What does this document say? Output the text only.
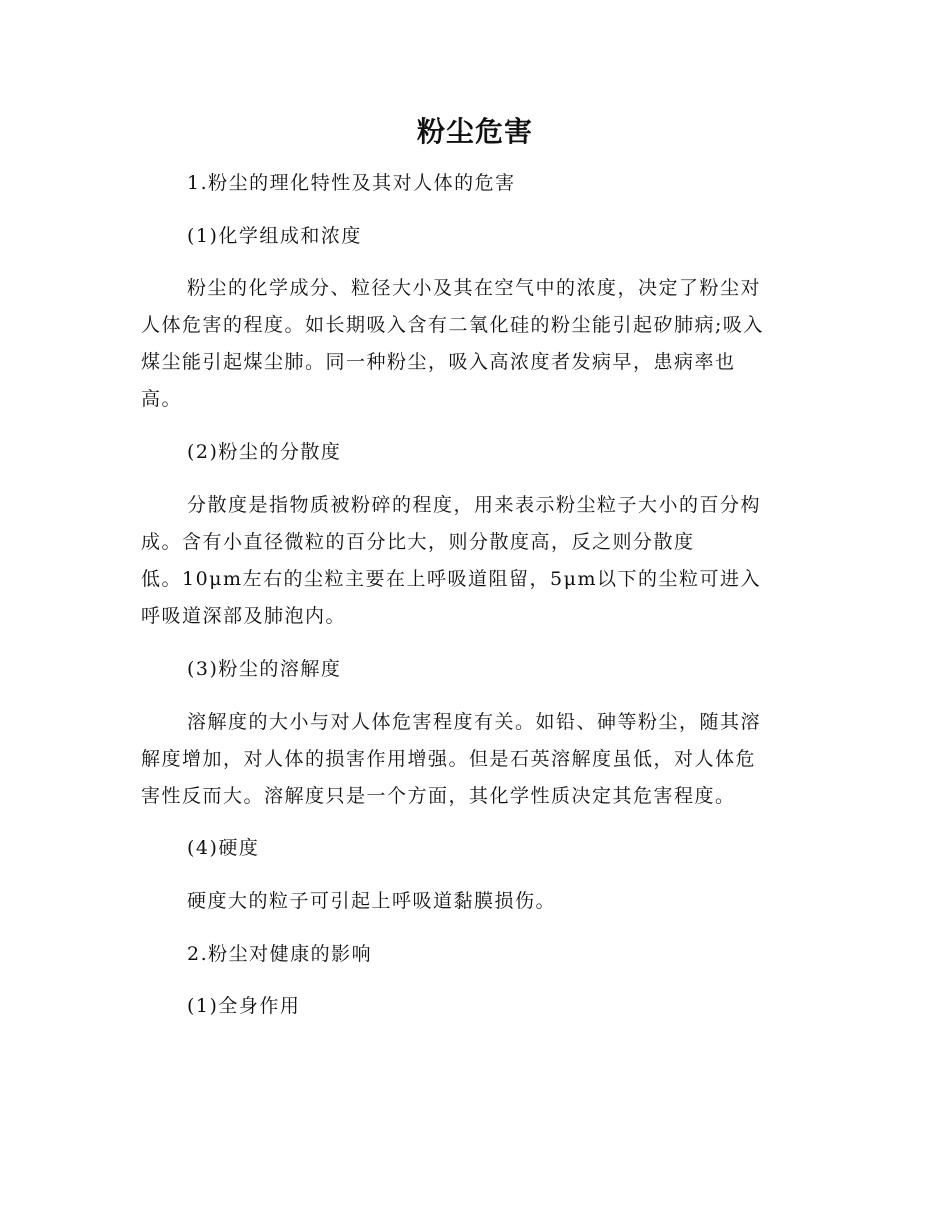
粉尘危害
1.粉尘的理化特性及其对人体的危害
(1)化学组成和浓度
粉尘的化学成分、粒径大小及其在空气中的浓度，决定了粉尘对
人体危害的程度。如长期吸入含有二氧化硅的粉尘能引起矽肺病;吸入
煤尘能引起煤尘肺。同一种粉尘，吸入高浓度者发病早，患病率也
高。
(2)粉尘的分散度
分散度是指物质被粉碎的程度，用来表示粉尘粒子大小的百分构
成。含有小直径微粒的百分比大，则分散度高，反之则分散度
低。10μm左右的尘粒主要在上呼吸道阻留，5μm以下的尘粒可进入
呼吸道深部及肺泡内。
(3)粉尘的溶解度
溶解度的大小与对人体危害程度有关。如铅、砷等粉尘，随其溶
解度增加，对人体的损害作用增强。但是石英溶解度虽低，对人体危
害性反而大。溶解度只是一个方面，其化学性质决定其危害程度。
(4)硬度
硬度大的粒子可引起上呼吸道黏膜损伤。
2.粉尘对健康的影响
(1)全身作用
